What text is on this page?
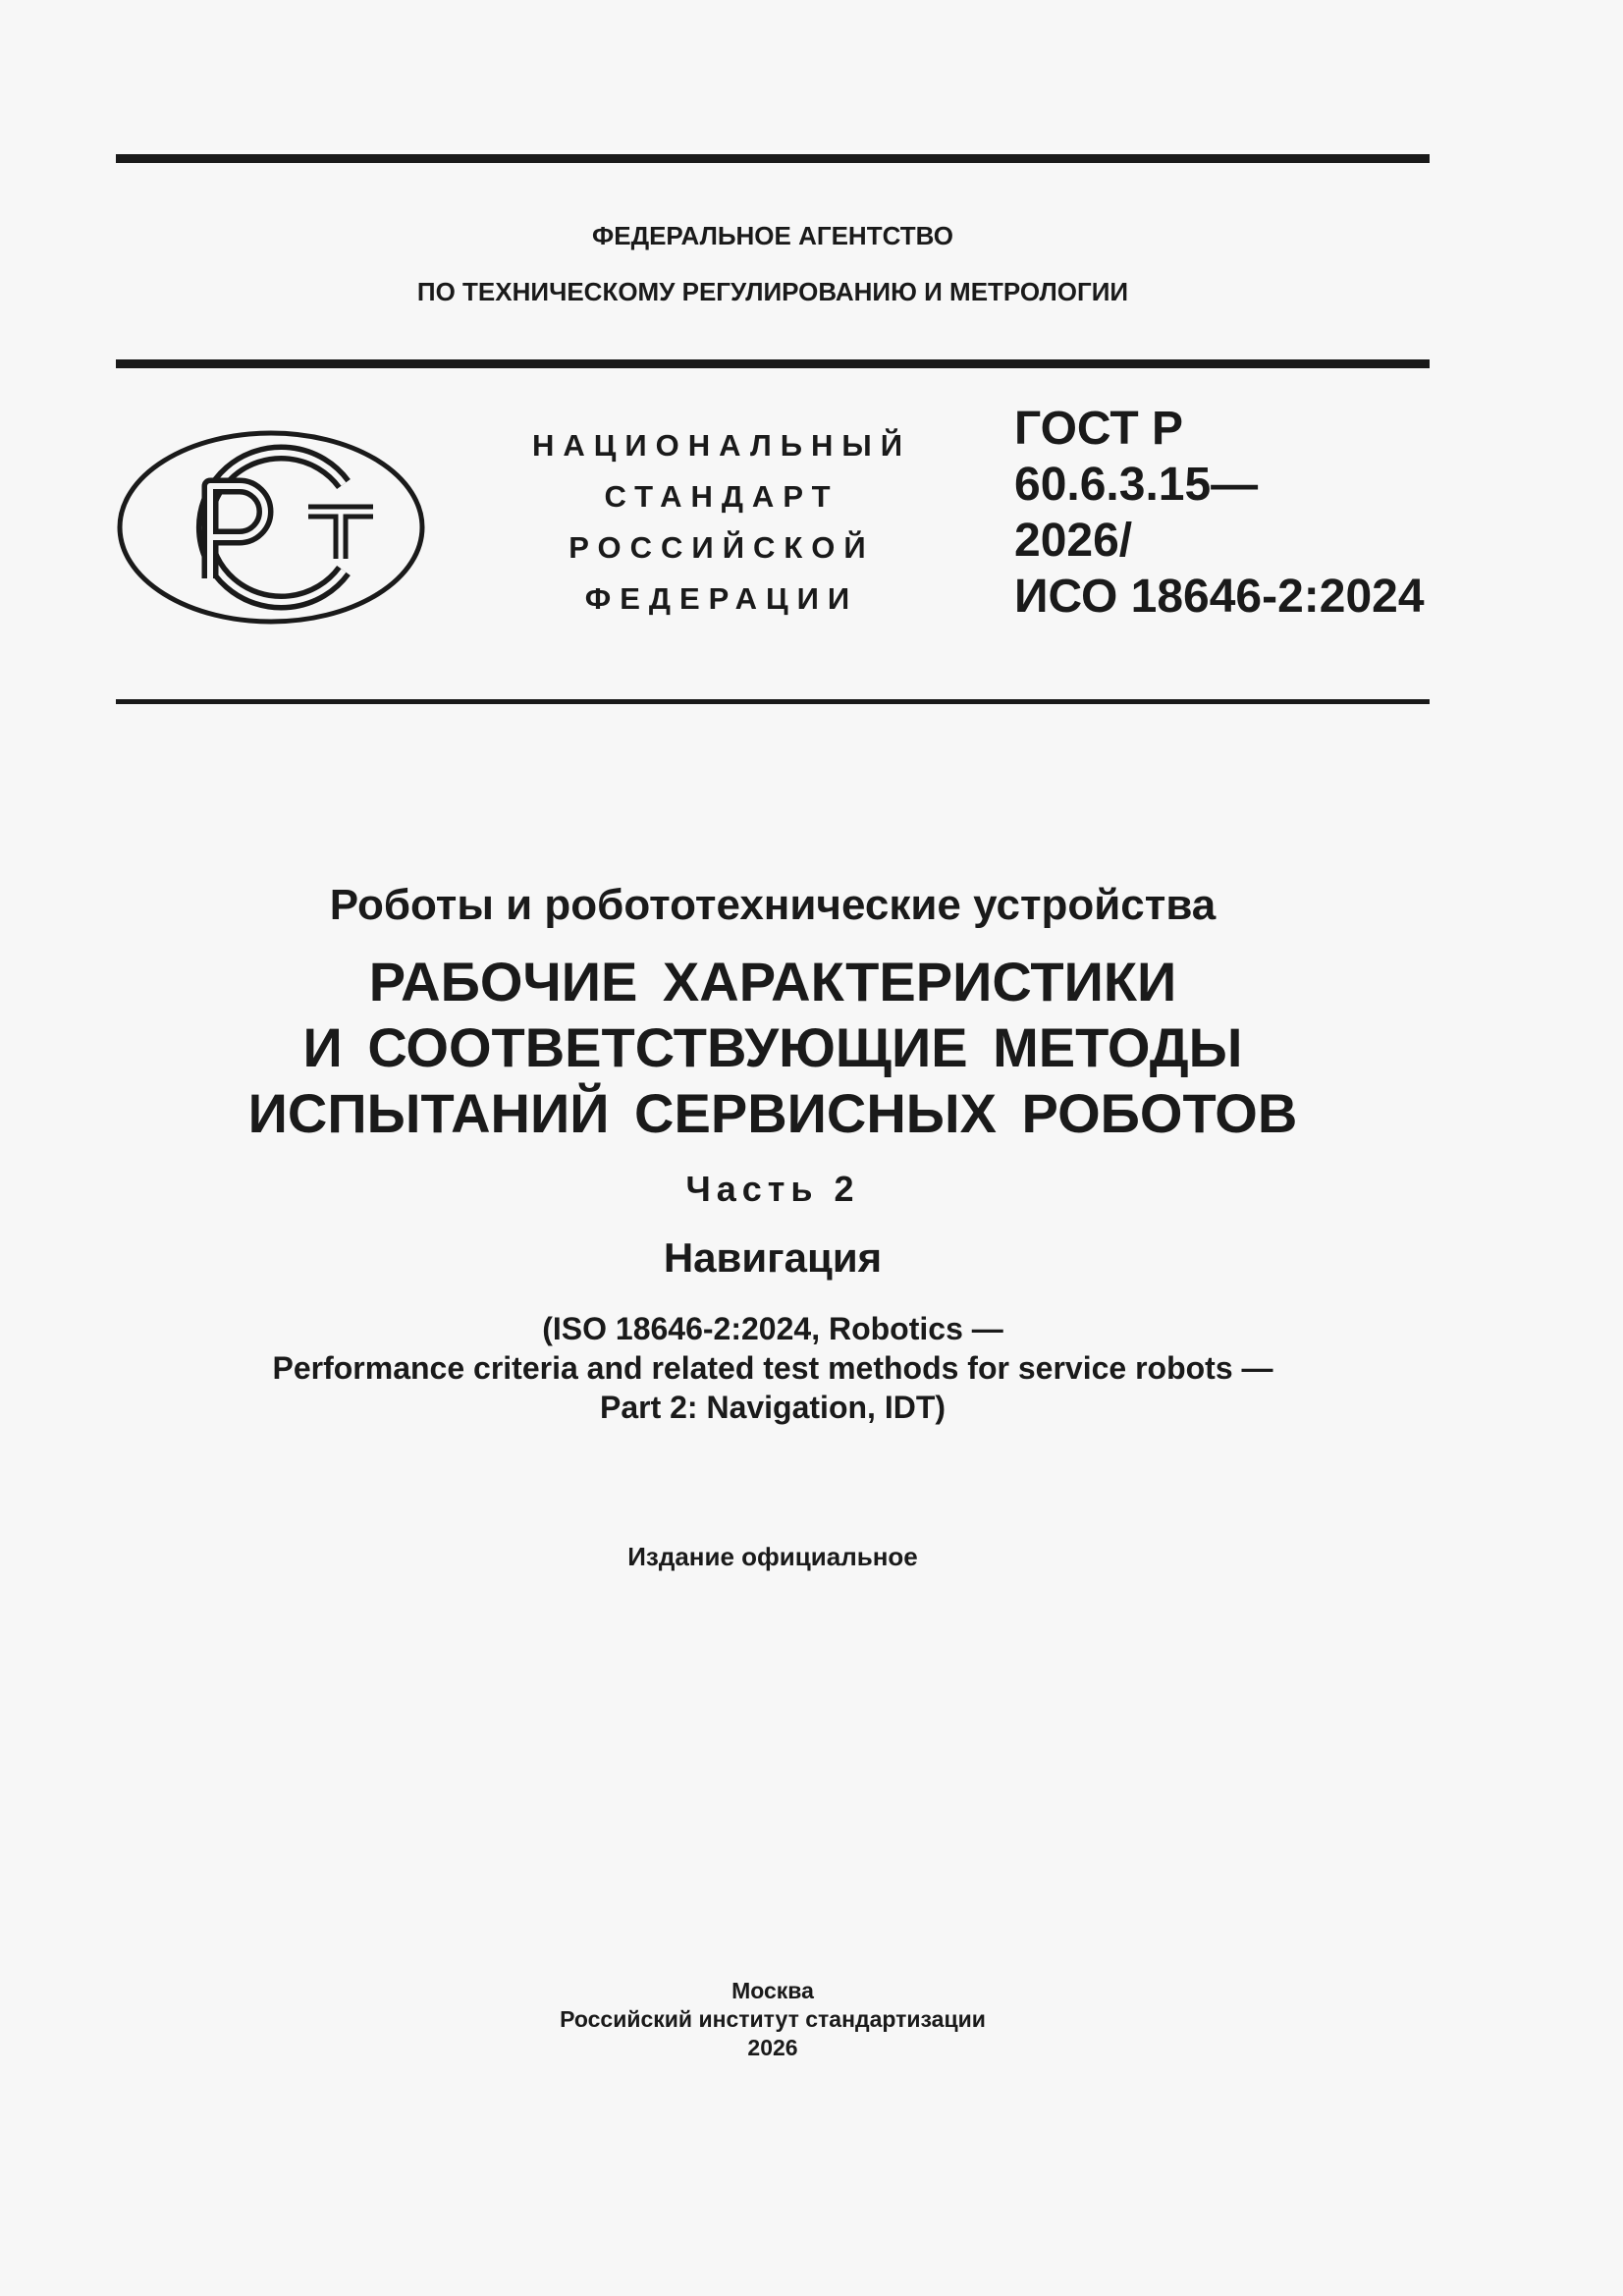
ФЕДЕРАЛЬНОЕ АГЕНТСТВО
ПО ТЕХНИЧЕСКОМУ РЕГУЛИРОВАНИЮ И МЕТРОЛОГИИ
НАЦИОНАЛЬНЫЙ
СТАНДАРТ
РОССИЙСКОЙ
ФЕДЕРАЦИИ
ГОСТ Р
60.6.3.15—
2026/
ИСО 18646-2:2024
Роботы и робототехнические устройства
РАБОЧИЕ ХАРАКТЕРИСТИКИ
И СООТВЕТСТВУЮЩИЕ МЕТОДЫ
ИСПЫТАНИЙ СЕРВИСНЫХ РОБОТОВ
Часть 2
Навигация
(ISO 18646-2:2024, Robotics —
Performance criteria and related test methods for service robots —
Part 2: Navigation, IDT)
Издание официальное
Москва
Российский институт стандартизации
2026
